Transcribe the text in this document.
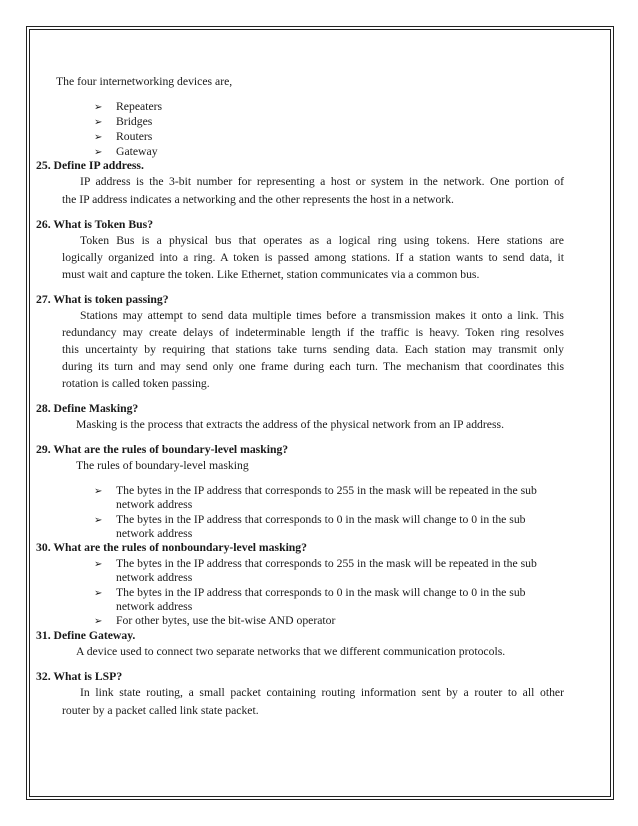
The four internetworking devices are,
➢ Repeaters
➢ Bridges
➢ Routers
➢ Gateway
25. Define IP address.
IP address is the 3-bit number for representing a host or system in the network. One portion of
the IP address indicates a networking and the other represents the host in a network.
26. What is Token Bus?
Token Bus is a physical bus that operates as a logical ring using tokens. Here stations are
logically organized into a ring. A token is passed among stations. If a station wants to send data, it
must wait and capture the token. Like Ethernet, station communicates via a common bus.
27. What is token passing?
Stations may attempt to send data multiple times before a transmission makes it onto a link. This
redundancy may create delays of indeterminable length if the traffic is heavy. Token ring resolves
this uncertainty by requiring that stations take turns sending data. Each station may transmit only
during its turn and may send only one frame during each turn. The mechanism that coordinates this
rotation is called token passing.
28. Define Masking?
Masking is the process that extracts the address of the physical network from an IP address.
29. What are the rules of boundary-level masking?
The rules of boundary-level masking
➢ The bytes in the IP address that corresponds to 255 in the mask will be repeated in the sub
network address
➢ The bytes in the IP address that corresponds to 0 in the mask will change to 0 in the sub
network address
30. What are the rules of nonboundary-level masking?
➢ The bytes in the IP address that corresponds to 255 in the mask will be repeated in the sub
network address
➢ The bytes in the IP address that corresponds to 0 in the mask will change to 0 in the sub
network address
➢ For other bytes, use the bit-wise AND operator
31. Define Gateway.
A device used to connect two separate networks that we different communication protocols.
32. What is LSP?
In link state routing, a small packet containing routing information sent by a router to all other
router by a packet called link state packet.
